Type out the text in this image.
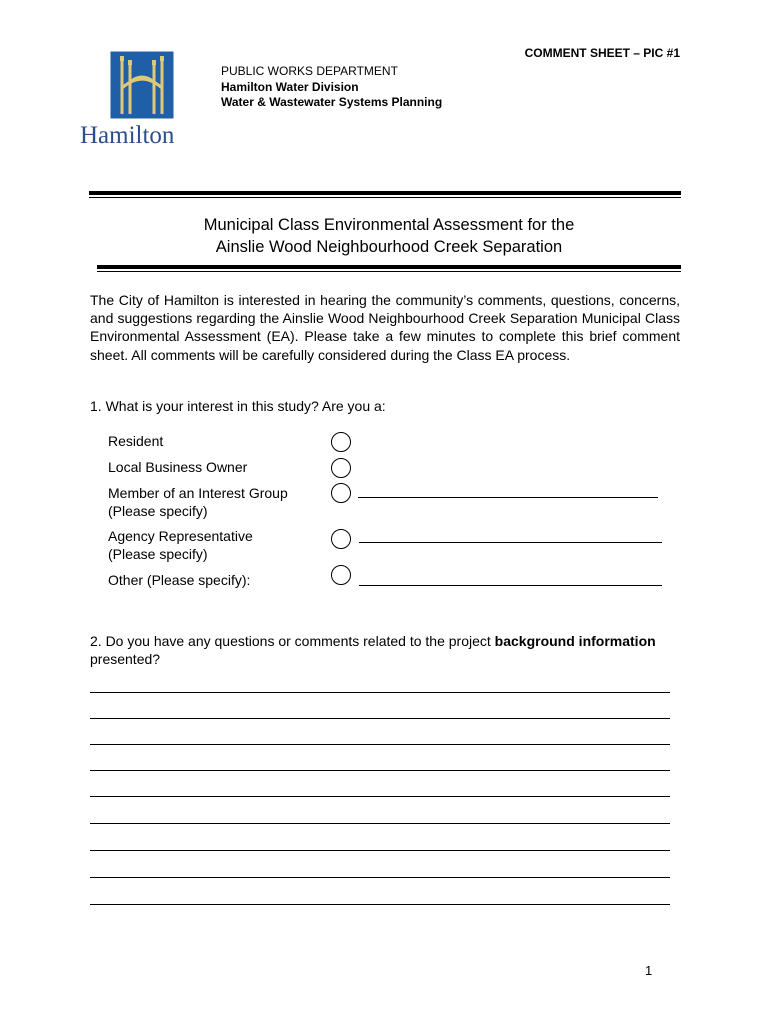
Hamilton
COMMENT SHEET – PIC #1
PUBLIC WORKS DEPARTMENT
Hamilton Water Division
Water & Wastewater Systems Planning
Municipal Class Environmental Assessment for the
Ainslie Wood Neighbourhood Creek Separation
The City of Hamilton is interested in hearing the community’s comments, questions, concerns, and suggestions regarding the Ainslie Wood Neighbourhood Creek Separation Municipal Class Environmental Assessment (EA). Please take a few minutes to complete this brief comment sheet. All comments will be carefully considered during the Class EA process.
1. What is your interest in this study? Are you a:
Resident
Local Business Owner
Member of an Interest Group
(Please specify)
Agency Representative
(Please specify)
Other (Please specify):
2. Do you have any questions or comments related to the project background information presented?
1
